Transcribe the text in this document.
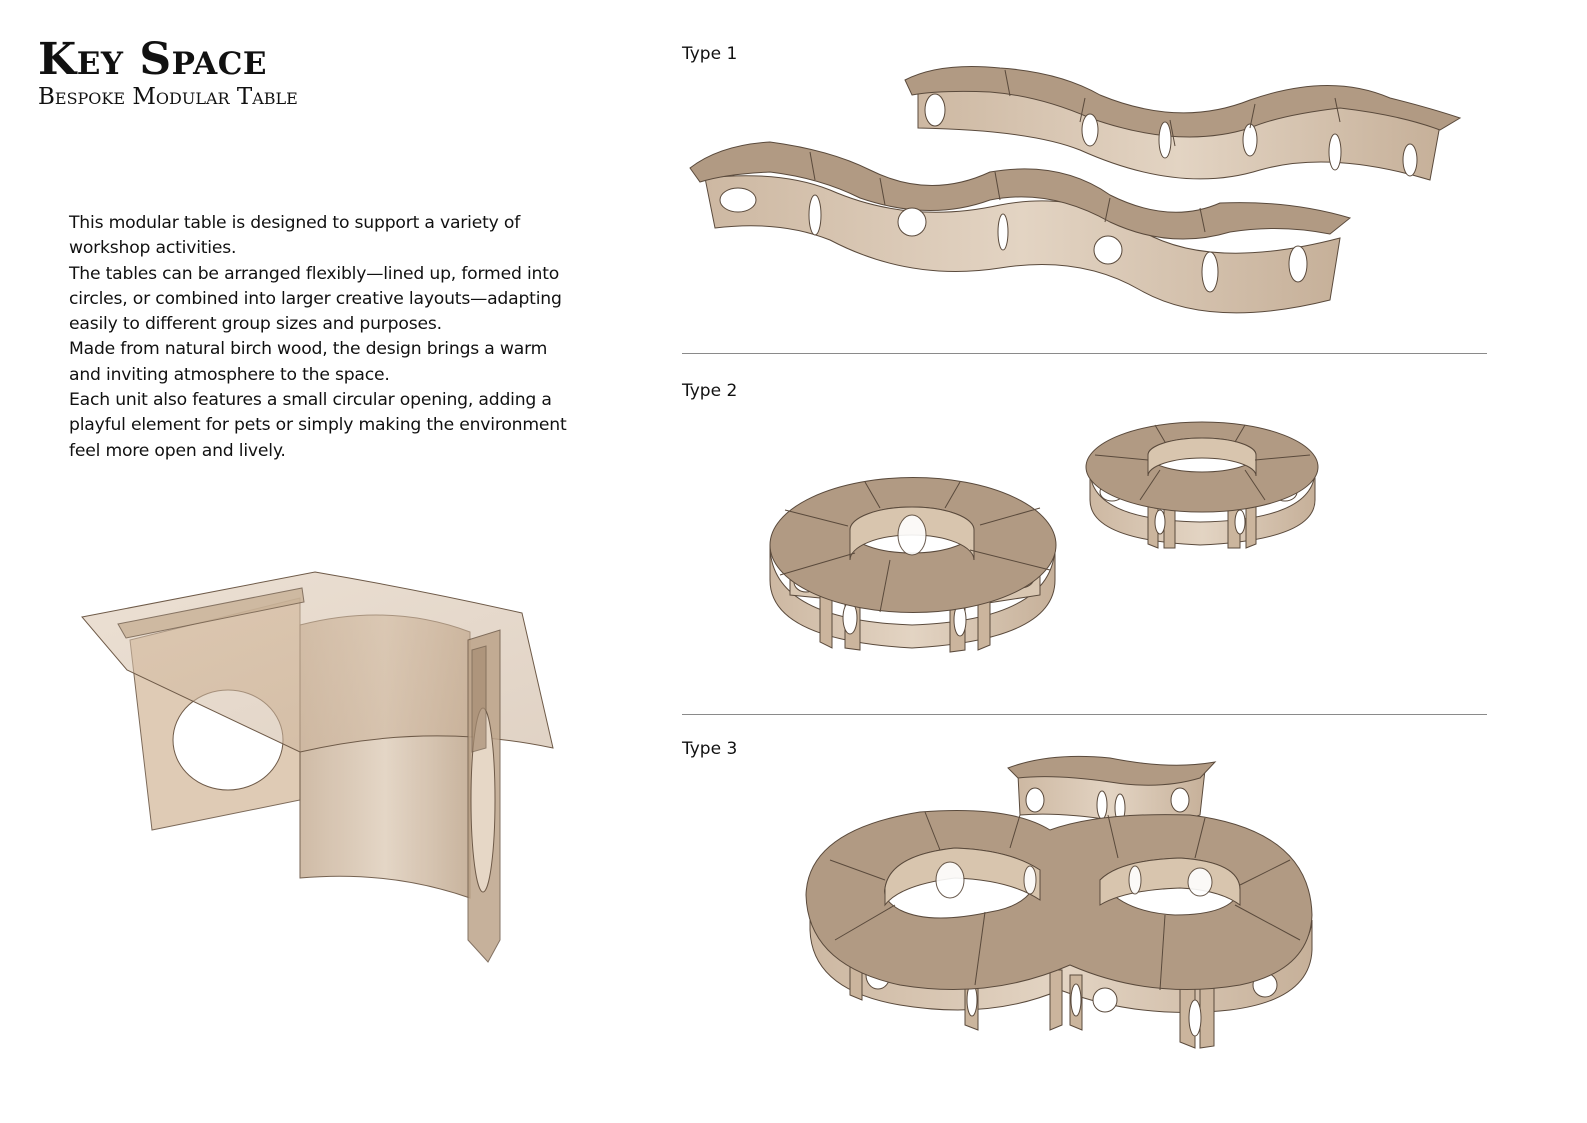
Key Space
Bespoke Modular Table

This modular table is designed to support a variety of workshop activities.

The tables can be arranged flexibly—lined up, formed into circles, or combined into larger creative layouts—adapting easily to different group sizes and purposes.

Made from natural birch wood, the design brings a warm and inviting atmosphere to the space.

Each unit also features a small circular opening, adding a playful element for pets or simply making the environment feel more open and lively.

Type 1
Type 2
Type 3
